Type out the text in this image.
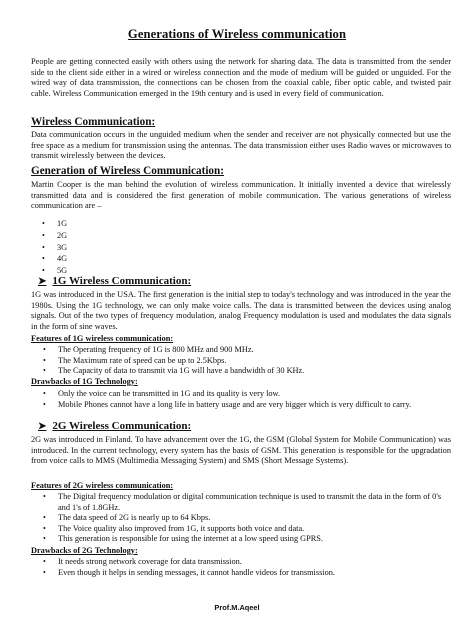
Generations of Wireless communication

People are getting connected easily with others using the network for sharing data. The data is transmitted from the sender side to the client side either in a wired or wireless connection and the mode of medium will be guided or unguided. For the wired way of data transmission, the connections can be chosen from the coaxial cable, fiber optic cable, and twisted pair cable. Wireless Communication emerged in the 19th century and is used in every field of communication.

Wireless Communication:

Data communication occurs in the unguided medium when the sender and receiver are not physically connected but use the free space as a medium for transmission using the antennas. The data transmission either uses Radio waves or microwaves to transmit wirelessly between the devices.

Generation of Wireless Communication:

Martin Cooper is the man behind the evolution of wireless communication. It initially invented a device that wirelessly transmitted data and is considered the first generation of mobile communication. The various generations of wireless communication are –

• 1G
• 2G
• 3G
• 4G
• 5G
➤ 1G Wireless Communication:

1G was introduced in the USA. The first generation is the initial step to today's technology and was introduced in the year the 1980s. Using the 1G technology, we can only make voice calls. The data is transmitted between the devices using analog signals. Out of the two types of frequency modulation, analog Frequency modulation is used and modulates the data signals in the form of sine waves.

Features of 1G wireless communication:
• The Operating frequency of 1G is 800 MHz and 900 MHz.
• The Maximum rate of speed can be up to 2.5Kbps.
• The Capacity of data to transmit via 1G will have a bandwidth of 30 KHz.
Drawbacks of 1G Technology:
• Only the voice can be transmitted in 1G and its quality is very low.
• Mobile Phones cannot have a long life in battery usage and are very bigger which is very difficult to carry.
➤ 2G Wireless Communication:

2G was introduced in Finland. To have advancement over the 1G, the GSM (Global System for Mobile Communication) was introduced. In the current technology, every system has the basis of GSM. This generation is responsible for the upgradation from voice calls to MMS (Multimedia Messaging System) and SMS (Short Message Systems).

Features of 2G wireless communication:
• The Digital frequency modulation or digital communication technique is used to transmit the data in the form of 0's and 1's of 1.8GHz.
• The data speed of 2G is nearly up to 64 Kbps.
• The Voice quality also improved from 1G, it supports both voice and data.
• This generation is responsible for using the internet at a low speed using GPRS.
Drawbacks of 2G Technology:
• It needs strong network coverage for data transmission.
• Even though it helps in sending messages, it cannot handle videos for transmission.
Prof.M.Aqeel
